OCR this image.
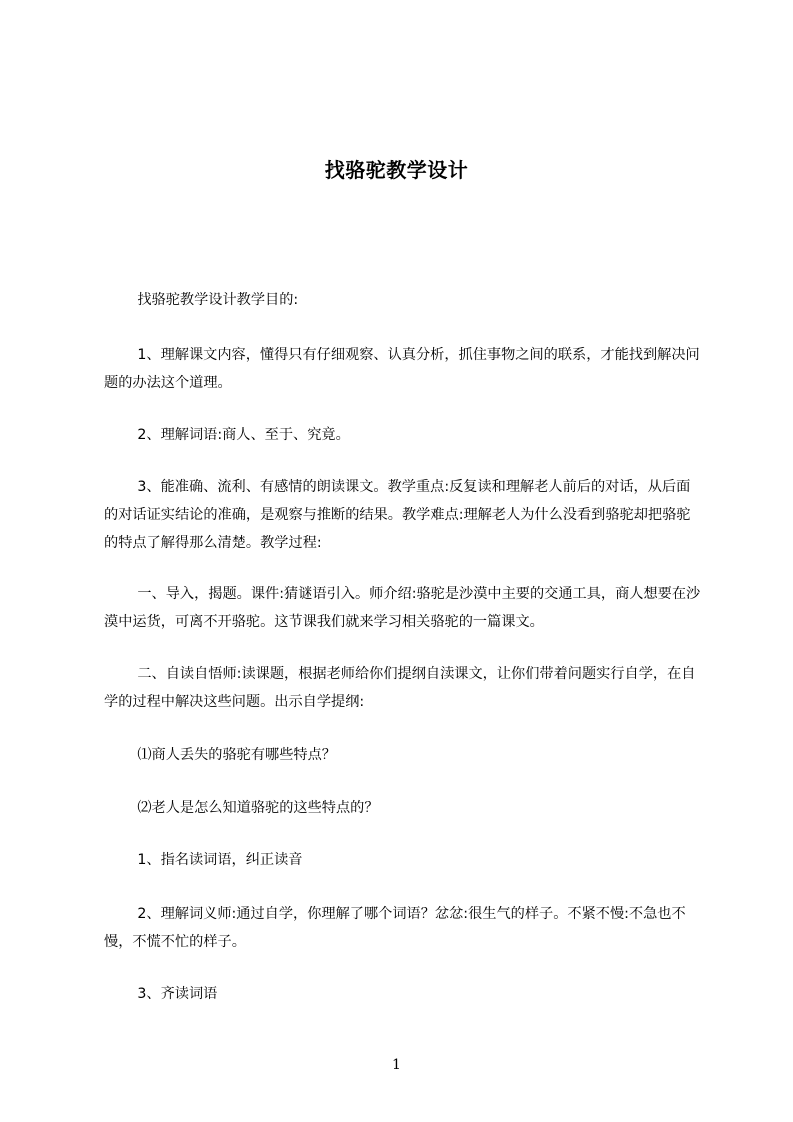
找骆驼教学设计

找骆驼教学设计教学目的:

1、理解课文内容，懂得只有仔细观察、认真分析，抓住事物之间的联系，才能找到解决问题的办法这个道理。

2、理解词语:商人、至于、究竟。

3、能准确、流利、有感情的朗读课文。教学重点:反复读和理解老人前后的对话，从后面的对话证实结论的准确，是观察与推断的结果。教学难点:理解老人为什么没看到骆驼却把骆驼的特点了解得那么清楚。教学过程:

一、导入，揭题。课件:猜谜语引入。师介绍:骆驼是沙漠中主要的交通工具，商人想要在沙漠中运货，可离不开骆驼。这节课我们就来学习相关骆驼的一篇课文。

二、自读自悟师:读课题，根据老师给你们提纲自渎课文，让你们带着问题实行自学，在自学的过程中解决这些问题。出示自学提纲:

⑴商人丢失的骆驼有哪些特点？

⑵老人是怎么知道骆驼的这些特点的？

1、指名读词语，纠正读音

2、理解词义师:通过自学，你理解了哪个词语？忿忿:很生气的样子。不紧不慢:不急也不慢，不慌不忙的样子。

3、齐读词语

1
